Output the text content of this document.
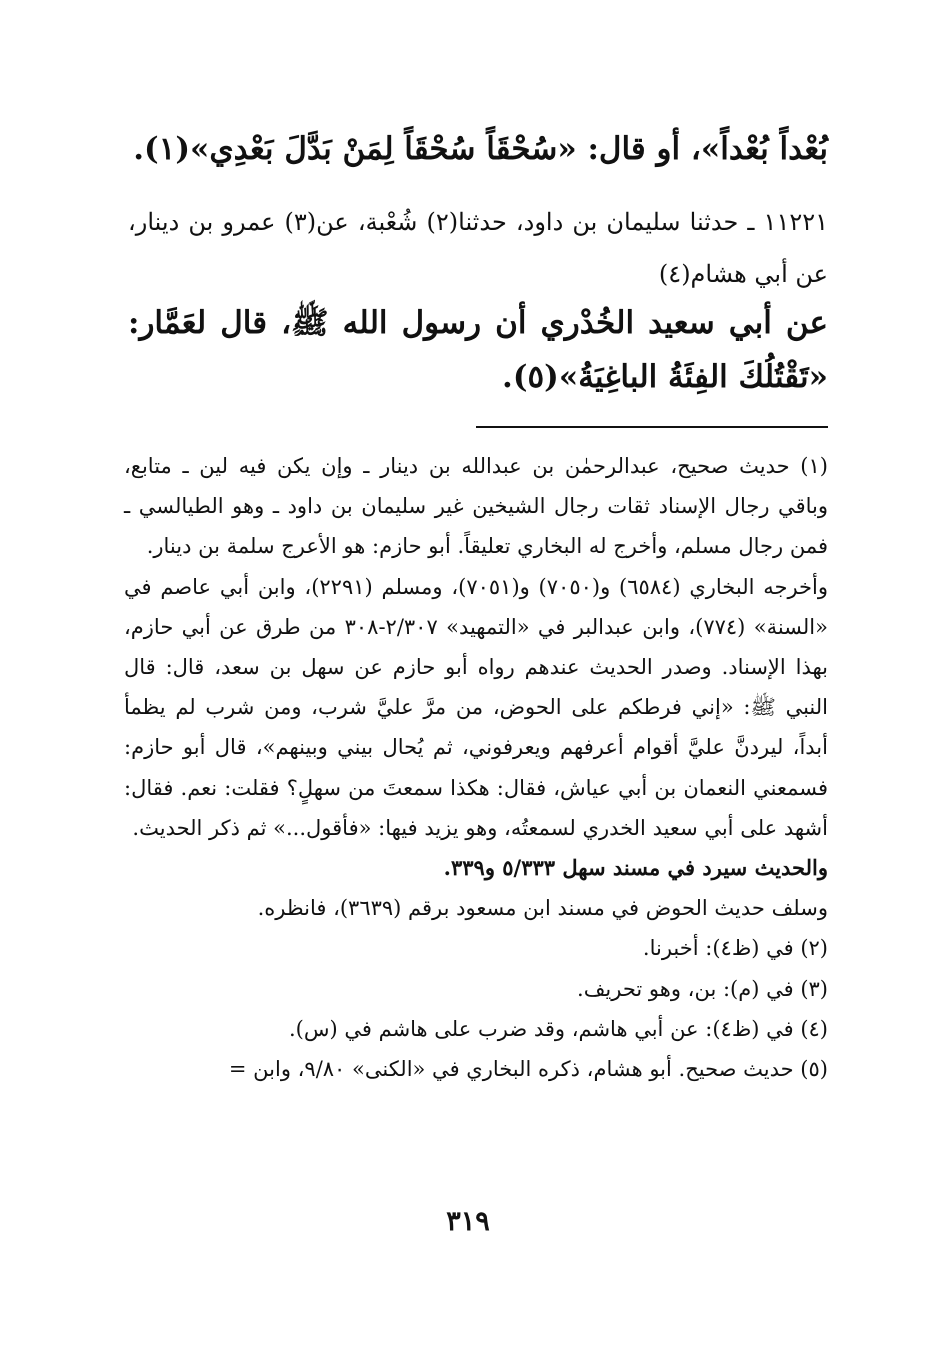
بُعْداً بُعْداً»، أو قال: «سُحْقَاً سُحْقَاً لِمَنْ بَدَّلَ بَعْدِي»(١).

١١٢٢١ ـ حدثنا سليمان بن داود، حدثنا(٢) شُعْبة، عن(٣) عمرو بن دينار، عن أبي هشام(٤)

عن أبي سعيد الخُدْري أن رسول الله ﷺ، قال لعَمَّار: «تَقْتُلُكَ الفِئَةُ الباغِيَةُ»(٥).

(١) حديث صحيح، عبدالرحمٰن بن عبدالله بن دينار ـ وإن يكن فيه لين ـ متابع، وباقي رجال الإسناد ثقات رجال الشيخين غير سليمان بن داود ـ وهو الطيالسي ـ فمن رجال مسلم، وأخرج له البخاري تعليقاً. أبو حازم: هو الأعرج سلمة بن دينار.

وأخرجه البخاري (٦٥٨٤) و(٧٠٥٠) و(٧٠٥١)، ومسلم (٢٢٩١)، وابن أبي عاصم في «السنة» (٧٧٤)، وابن عبدالبر في «التمهيد» ٢/٣٠٧-٣٠٨ من طرق عن أبي حازم، بهذا الإسناد. وصدر الحديث عندهم رواه أبو حازم عن سهل بن سعد، قال: قال النبي ﷺ: «إني فرطكم على الحوض، من مرَّ عليَّ شرب، ومن شرب لم يظمأ أبداً، ليردنَّ عليَّ أقوام أعرفهم ويعرفوني، ثم يُحال بيني وبينهم»، قال أبو حازم: فسمعني النعمان بن أبي عياش، فقال: هكذا سمعتَ من سهلٍ؟ فقلت: نعم. فقال: أشهد على أبي سعيد الخدري لسمعتُه، وهو يزيد فيها: «فأقول...» ثم ذكر الحديث.

والحديث سيرد في مسند سهل ٥/٣٣٣ و٣٣٩.

وسلف حديث الحوض في مسند ابن مسعود برقم (٣٦٣٩)، فانظره.

(٢) في (ظ٤): أخبرنا.

(٣) في (م): بن، وهو تحريف.

(٤) في (ظ٤): عن أبي هاشم، وقد ضرب على هاشم في (س).

(٥) حديث صحيح. أبو هشام، ذكره البخاري في «الكنى» ٩/٨٠، وابن =

٣١٩
